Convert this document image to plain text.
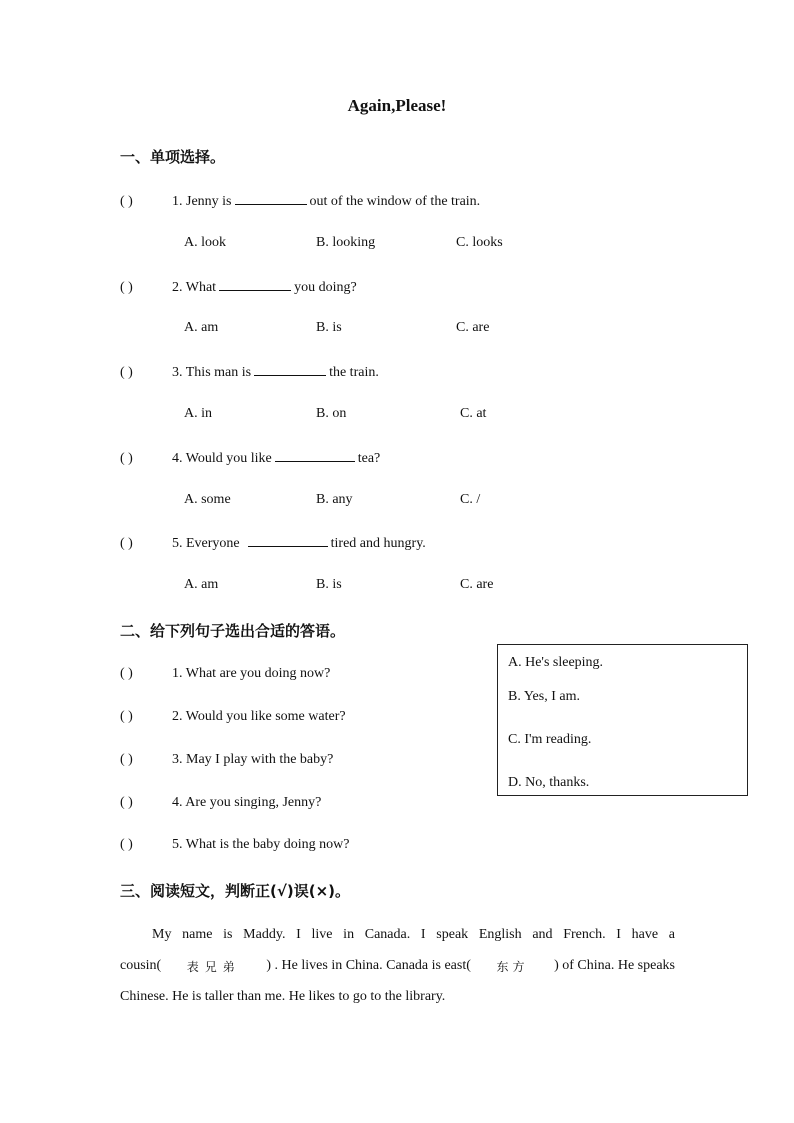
Again,Please!
一、单项选择。
( )	1. Jenny is	out of the window of the train.
A. look	B. looking	C. looks
( )	2. What	you doing?
A. am	B. is	C. are
( )	3. This man is	the train.
A. in	B. on	C. at
( )	4. Would you like	tea?
A. some	B. any	C. /
( )	5. Everyone	tired and hungry.
A. am	B. is	C. are
二、给下列句子选出合适的答语。
( )	1. What are you doing now?
( )	2. Would you like some water?
( )	3. May I play with the baby?
( )	4. Are you singing, Jenny?
( )	5. What is the baby doing now?
A. He's sleeping.
B. Yes, I am.
C. I'm reading.
D. No, thanks.
三、阅读短文，判断正(√)误(×)。
My name is Maddy. I live in Canada. I speak English and French. I have a
cousin( 表兄弟 ) . He lives in China. Canada is east( 东方 ) of China. He speaks
Chinese. He is taller than me. He likes to go to the library.
